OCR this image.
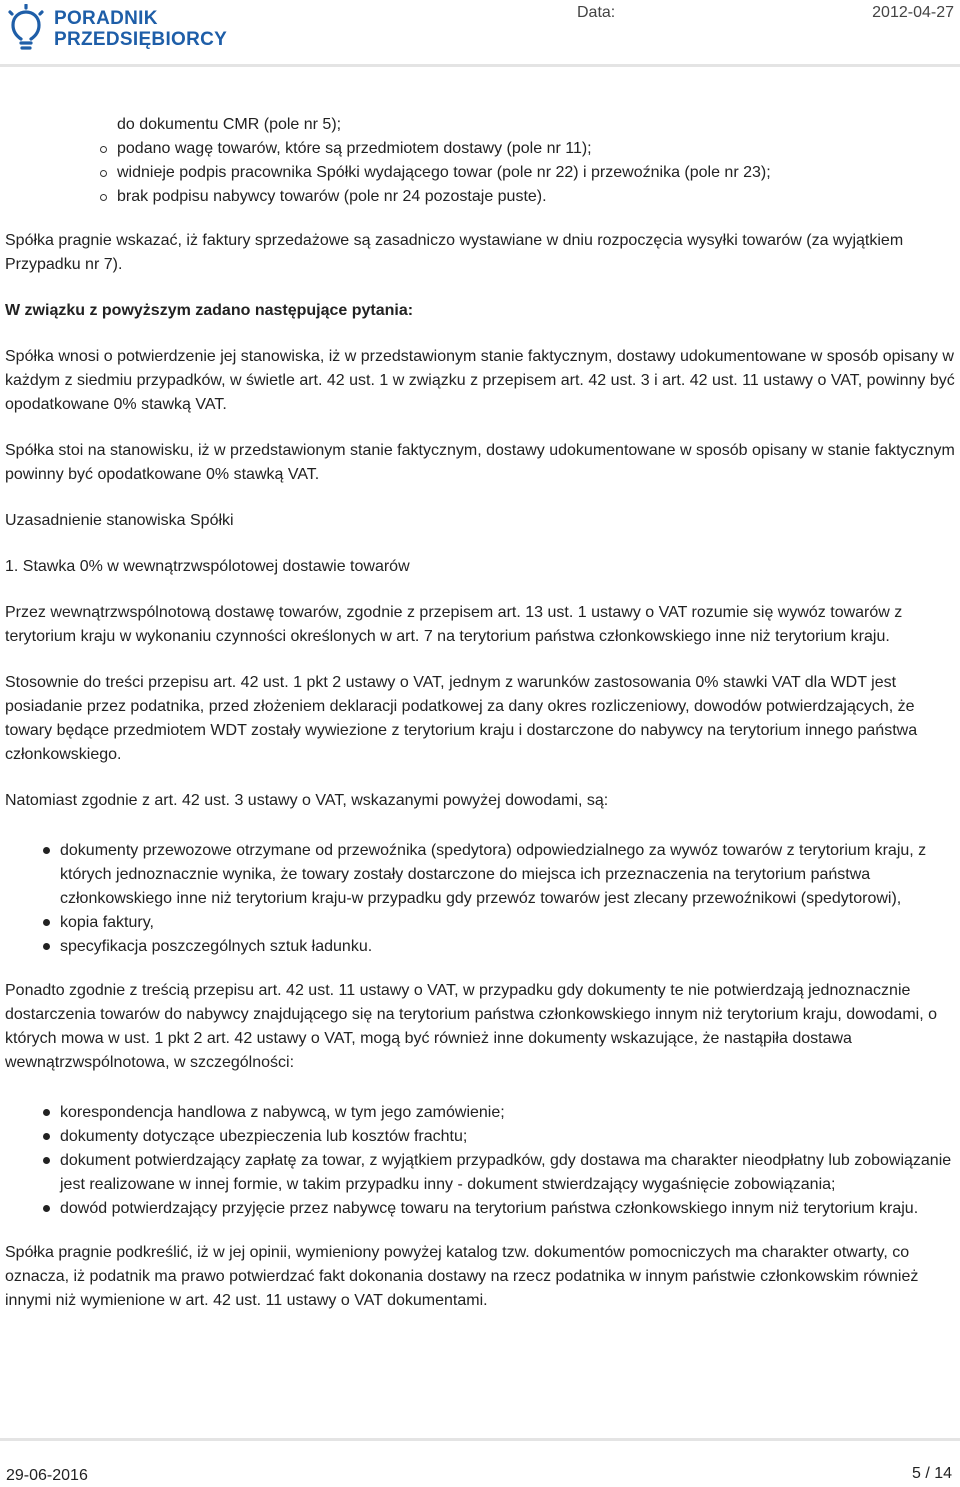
PORADNIK
PRZEDSIĘBIORCY
Data:	2012-04-27
do dokumentu CMR (pole nr 5);
podano wagę towarów, które są przedmiotem dostawy (pole nr 11);
widnieje podpis pracownika Spółki wydającego towar (pole nr 22) i przewoźnika (pole nr 23);
brak podpisu nabywcy towarów (pole nr 24 pozostaje puste).

Spółka pragnie wskazać, iż faktury sprzedażowe są zasadniczo wystawiane w dniu rozpoczęcia wysyłki towarów (za wyjątkiem Przypadku nr 7).

W związku z powyższym zadano następujące pytania:

Spółka wnosi o potwierdzenie jej stanowiska, iż w przedstawionym stanie faktycznym, dostawy udokumentowane w sposób opisany w każdym z siedmiu przypadków, w świetle art. 42 ust. 1 w związku z przepisem art. 42 ust. 3 i art. 42 ust. 11 ustawy o VAT, powinny być opodatkowane 0% stawką VAT.

Spółka stoi na stanowisku, iż w przedstawionym stanie faktycznym, dostawy udokumentowane w sposób opisany w stanie faktycznym powinny być opodatkowane 0% stawką VAT.

Uzasadnienie stanowiska Spółki

1. Stawka 0% w wewnątrzwspólotowej dostawie towarów

Przez wewnątrzwspólnotową dostawę towarów, zgodnie z przepisem art. 13 ust. 1 ustawy o VAT rozumie się wywóz towarów z terytorium kraju w wykonaniu czynności określonych w art. 7 na terytorium państwa członkowskiego inne niż terytorium kraju.

Stosownie do treści przepisu art. 42 ust. 1 pkt 2 ustawy o VAT, jednym z warunków zastosowania 0% stawki VAT dla WDT jest posiadanie przez podatnika, przed złożeniem deklaracji podatkowej za dany okres rozliczeniowy, dowodów potwierdzających, że towary będące przedmiotem WDT zostały wywiezione z terytorium kraju i dostarczone do nabywcy na terytorium innego państwa członkowskiego.

Natomiast zgodnie z art. 42 ust. 3 ustawy o VAT, wskazanymi powyżej dowodami, są:

dokumenty przewozowe otrzymane od przewoźnika (spedytora) odpowiedzialnego za wywóz towarów z terytorium kraju, z których jednoznacznie wynika, że towary zostały dostarczone do miejsca ich przeznaczenia na terytorium państwa członkowskiego inne niż terytorium kraju-w przypadku gdy przewóz towarów jest zlecany przewoźnikowi (spedytorowi),
kopia faktury,
specyfikacja poszczególnych sztuk ładunku.

Ponadto zgodnie z treścią przepisu art. 42 ust. 11 ustawy o VAT, w przypadku gdy dokumenty te nie potwierdzają jednoznacznie dostarczenia towarów do nabywcy znajdującego się na terytorium państwa członkowskiego innym niż terytorium kraju, dowodami, o których mowa w ust. 1 pkt 2 art. 42 ustawy o VAT, mogą być również inne dokumenty wskazujące, że nastąpiła dostawa wewnątrzwspólnotowa, w szczególności:

korespondencja handlowa z nabywcą, w tym jego zamówienie;
dokumenty dotyczące ubezpieczenia lub kosztów frachtu;
dokument potwierdzający zapłatę za towar, z wyjątkiem przypadków, gdy dostawa ma charakter nieodpłatny lub zobowiązanie jest realizowane w innej formie, w takim przypadku inny - dokument stwierdzający wygaśnięcie zobowiązania;
dowód potwierdzający przyjęcie przez nabywcę towaru na terytorium państwa członkowskiego innym niż terytorium kraju.

Spółka pragnie podkreślić, iż w jej opinii, wymieniony powyżej katalog tzw. dokumentów pomocniczych ma charakter otwarty, co oznacza, iż podatnik ma prawo potwierdzać fakt dokonania dostawy na rzecz podatnika w innym państwie członkowskim również innymi niż wymienione w art. 42 ust. 11 ustawy o VAT dokumentami.

29-06-2016	5 / 14
